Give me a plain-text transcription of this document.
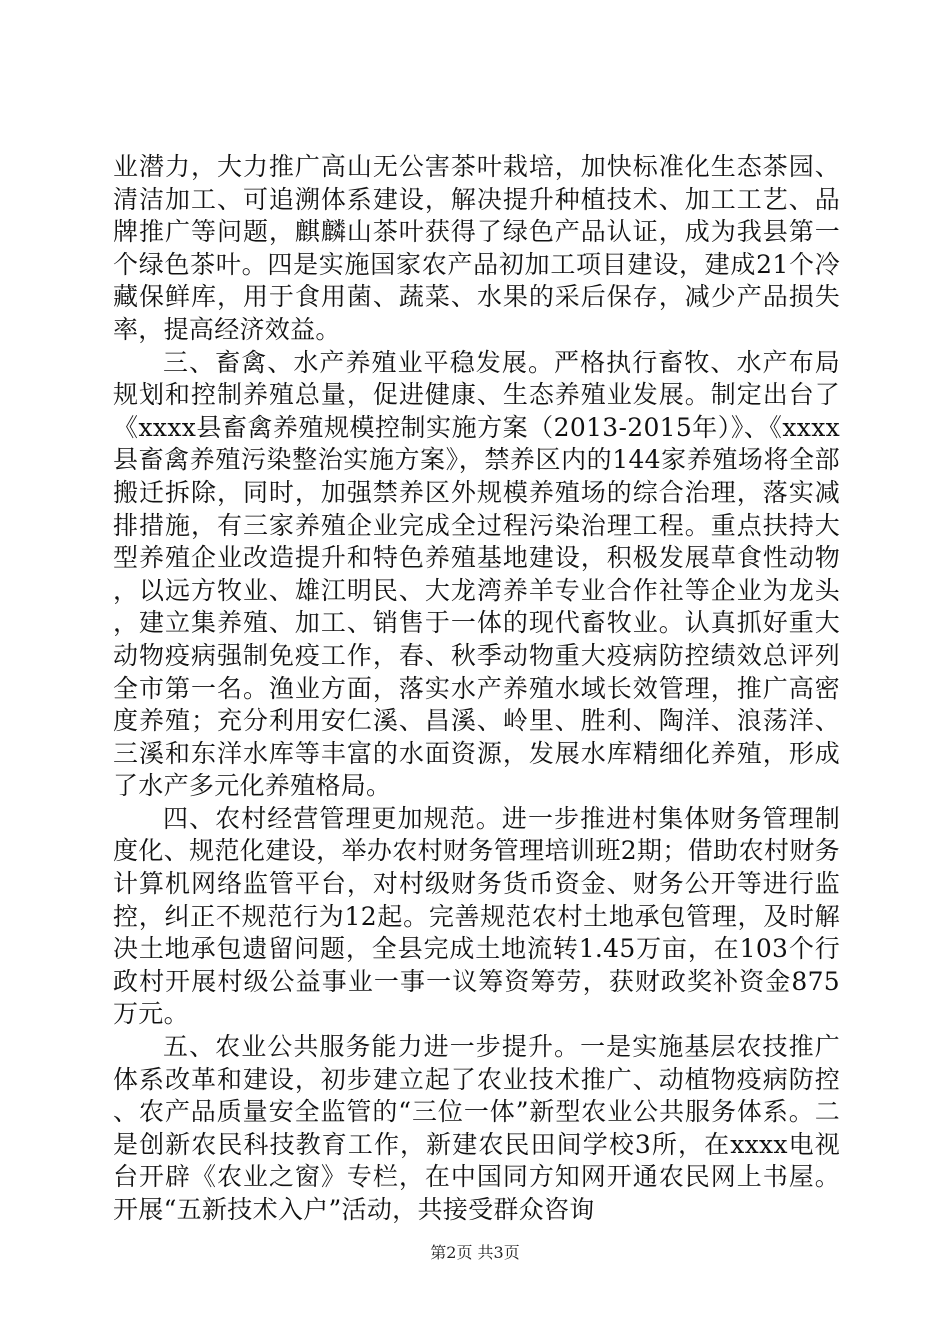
业潜力，大力推广高山无公害茶叶栽培，加快标准化生态茶园、清洁加工、可追溯体系建设，解决提升种植技术、加工工艺、品牌推广等问题，麒麟山茶叶获得了绿色产品认证，成为我县第一个绿色茶叶。四是实施国家农产品初加工项目建设，建成21个冷藏保鲜库，用于食用菌、蔬菜、水果的采后保存，减少产品损失率，提高经济效益。

三、畜禽、水产养殖业平稳发展。严格执行畜牧、水产布局规划和控制养殖总量，促进健康、生态养殖业发展。制定出台了《xxxx县畜禽养殖规模控制实施方案（2013-2015年）》、《xxxx县畜禽养殖污染整治实施方案》，禁养区内的144家养殖场将全部搬迁拆除，同时，加强禁养区外规模养殖场的综合治理，落实减排措施，有三家养殖企业完成全过程污染治理工程。重点扶持大型养殖企业改造提升和特色养殖基地建设，积极发展草食性动物，以远方牧业、雄江明民、大龙湾养羊专业合作社等企业为龙头，建立集养殖、加工、销售于一体的现代畜牧业。认真抓好重大动物疫病强制免疫工作，春、秋季动物重大疫病防控绩效总评列全市第一名。渔业方面，落实水产养殖水域长效管理，推广高密度养殖；充分利用安仁溪、昌溪、岭里、胜利、陶洋、浪荡洋、三溪和东洋水库等丰富的水面资源，发展水库精细化养殖，形成了水产多元化养殖格局。

四、农村经营管理更加规范。进一步推进村集体财务管理制度化、规范化建设，举办农村财务管理培训班2期；借助农村财务计算机网络监管平台，对村级财务货币资金、财务公开等进行监控，纠正不规范行为12起。完善规范农村土地承包管理，及时解决土地承包遗留问题，全县完成土地流转1.45万亩，在103个行政村开展村级公益事业一事一议筹资筹劳，获财政奖补资金875万元。

五、农业公共服务能力进一步提升。一是实施基层农技推广体系改革和建设，初步建立起了农业技术推广、动植物疫病防控、农产品质量安全监管的“三位一体”新型农业公共服务体系。二是创新农民科技教育工作，新建农民田间学校3所，在xxxx电视台开辟《农业之窗》专栏，在中国同方知网开通农民网上书屋。开展“五新技术入户”活动，共接受群众咨询

第2页 共3页
